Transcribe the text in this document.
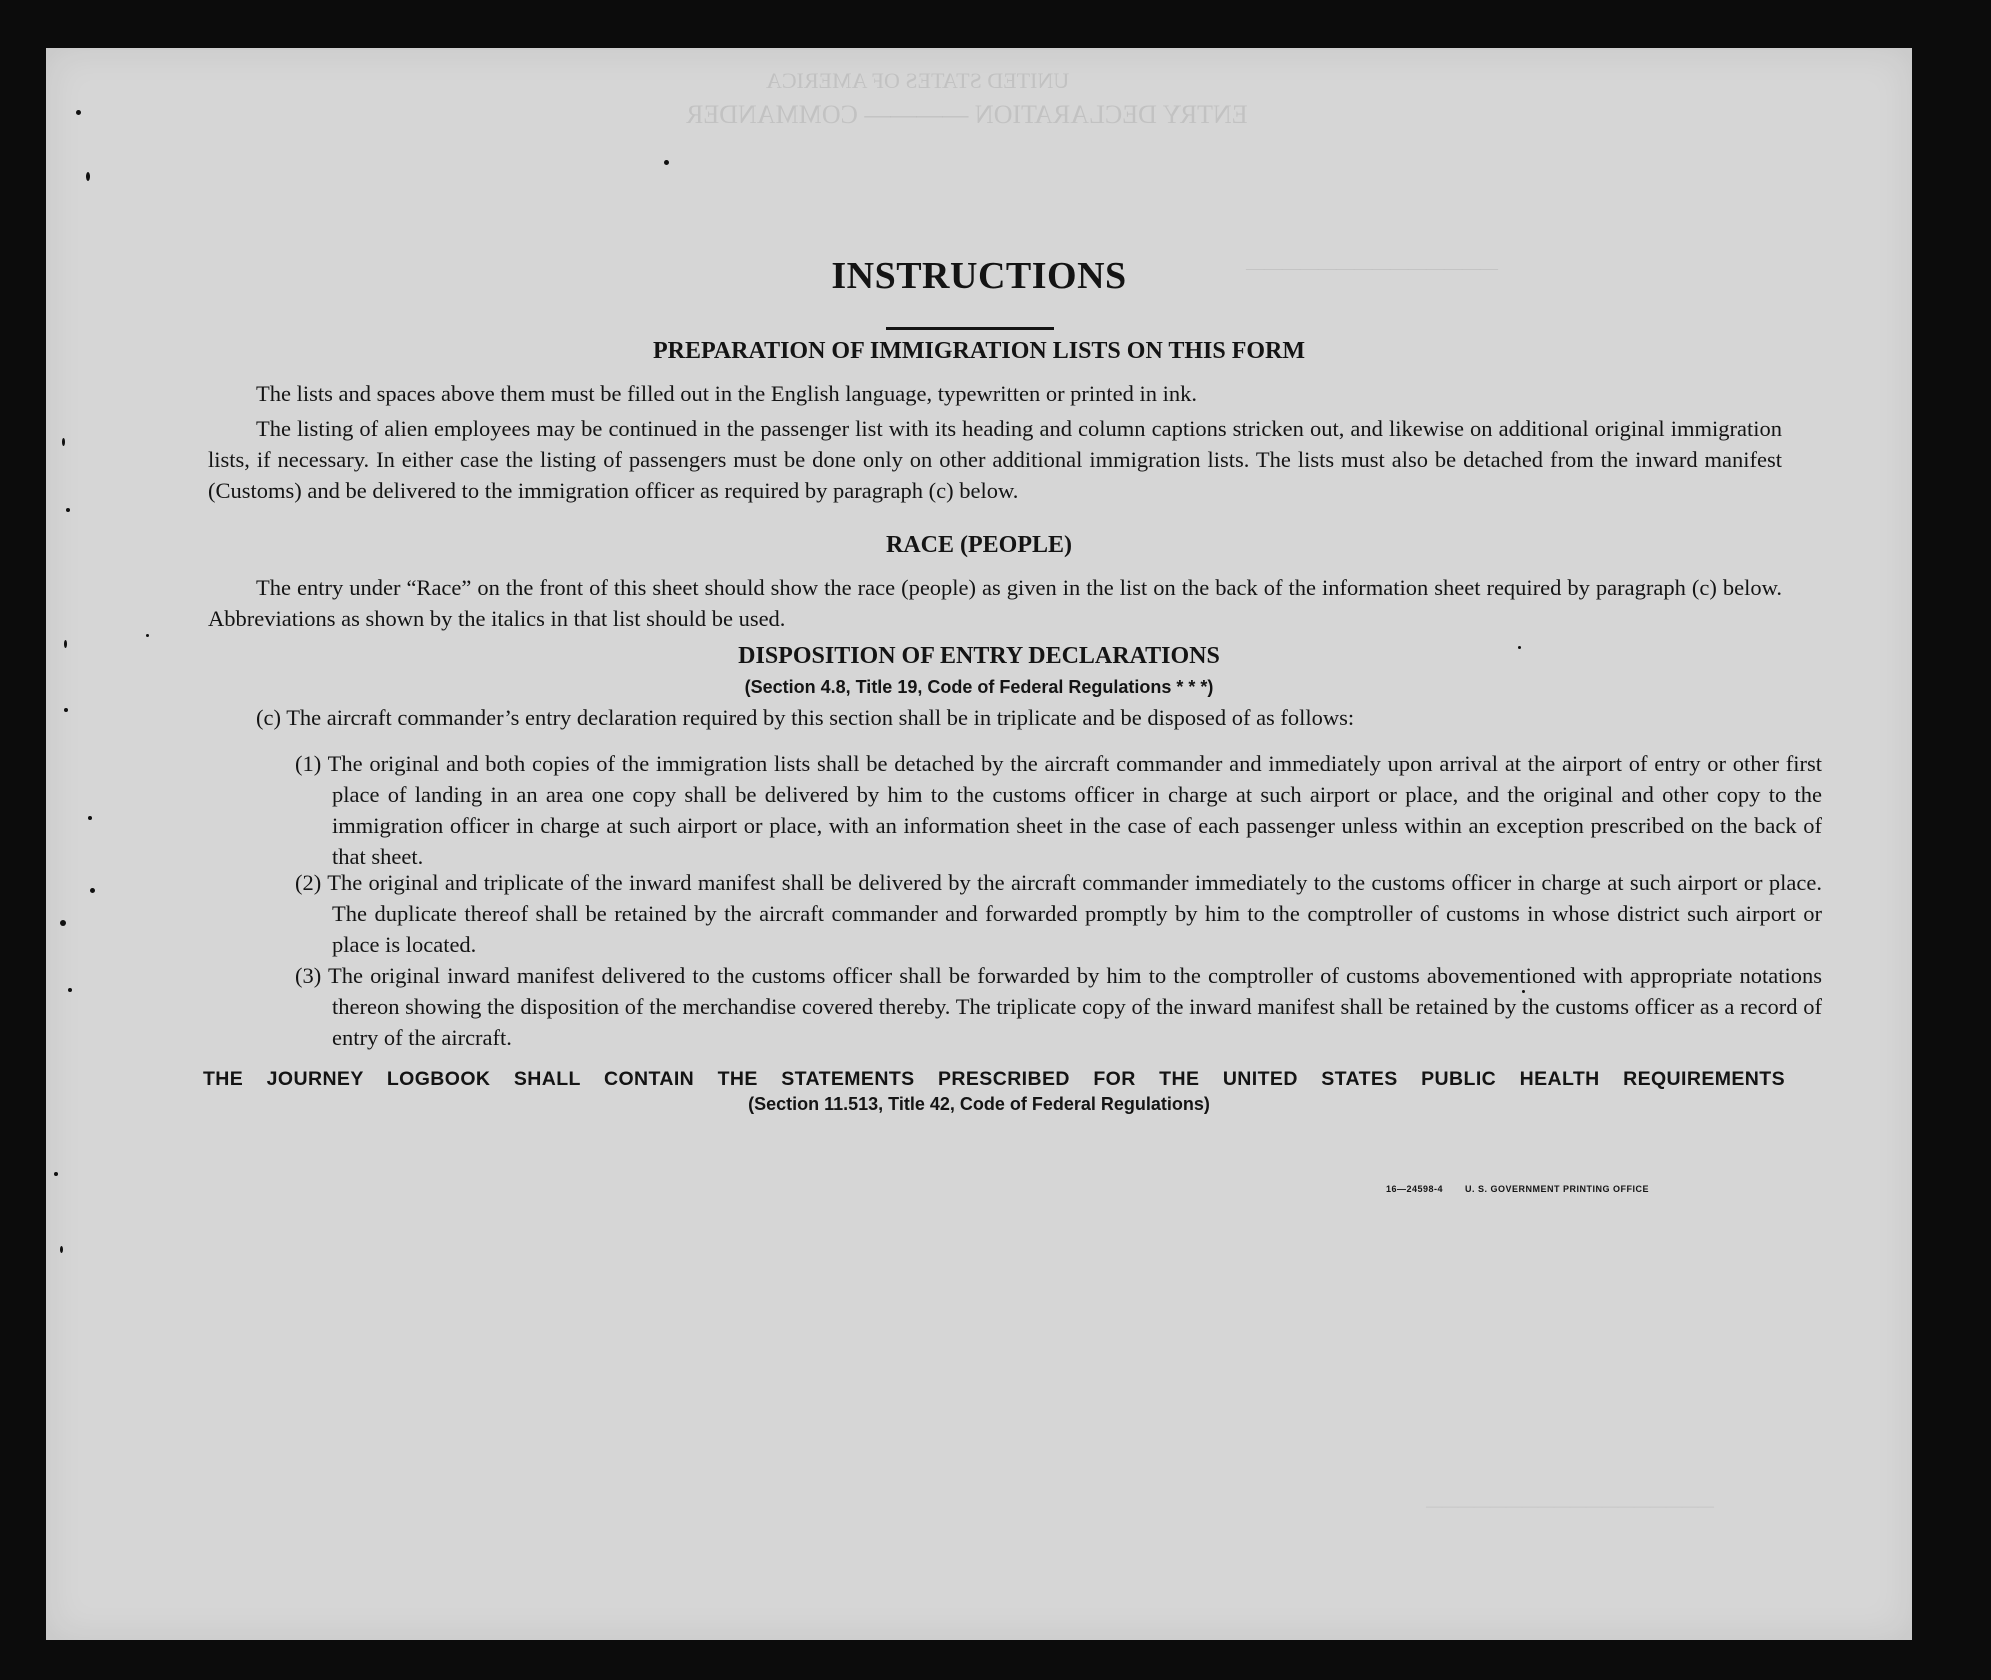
UNITED STATES OF AMERICA
ENTRY DECLARATION ———— COMMANDER
——————————————
——————————————————
INSTRUCTIONS
PREPARATION OF IMMIGRATION LISTS ON THIS FORM
The lists and spaces above them must be filled out in the English language, typewritten or printed in ink.
The listing of alien employees may be continued in the passenger list with its heading and column captions stricken out, and likewise on additional original immigration lists, if necessary. In either case the listing of passengers must be done only on other additional immigration lists. The lists must also be detached from the inward manifest (Customs) and be delivered to the immigration officer as required by paragraph (c) below.
RACE (PEOPLE)
The entry under “Race” on the front of this sheet should show the race (people) as given in the list on the back of the information sheet required by paragraph (c) below. Abbreviations as shown by the italics in that list should be used.
DISPOSITION OF ENTRY DECLARATIONS
(Section 4.8, Title 19, Code of Federal Regulations * * *)
(c) The aircraft commander’s entry declaration required by this section shall be in triplicate and be disposed of as follows:
(1) The original and both copies of the immigration lists shall be detached by the aircraft commander and immediately upon arrival at the airport of entry or other first place of landing in an area one copy shall be delivered by him to the customs officer in charge at such airport or place, and the original and other copy to the immigration officer in charge at such airport or place, with an information sheet in the case of each passenger unless within an exception prescribed on the back of that sheet.
(2) The original and triplicate of the inward manifest shall be delivered by the aircraft commander immediately to the customs officer in charge at such airport or place. The duplicate thereof shall be retained by the aircraft commander and forwarded promptly by him to the comptroller of customs in whose district such airport or place is located.
(3) The original inward manifest delivered to the customs officer shall be forwarded by him to the comptroller of customs abovementioned with appropriate notations thereon showing the disposition of the merchandise covered thereby. The triplicate copy of the inward manifest shall be retained by the customs officer as a record of entry of the aircraft.
THE JOURNEY LOGBOOK SHALL CONTAIN THE STATEMENTS PRESCRIBED FOR THE UNITED STATES PUBLIC HEALTH REQUIREMENTS
(Section 11.513, Title 42, Code of Federal Regulations)
16—24598-4 U. S. GOVERNMENT PRINTING OFFICE
